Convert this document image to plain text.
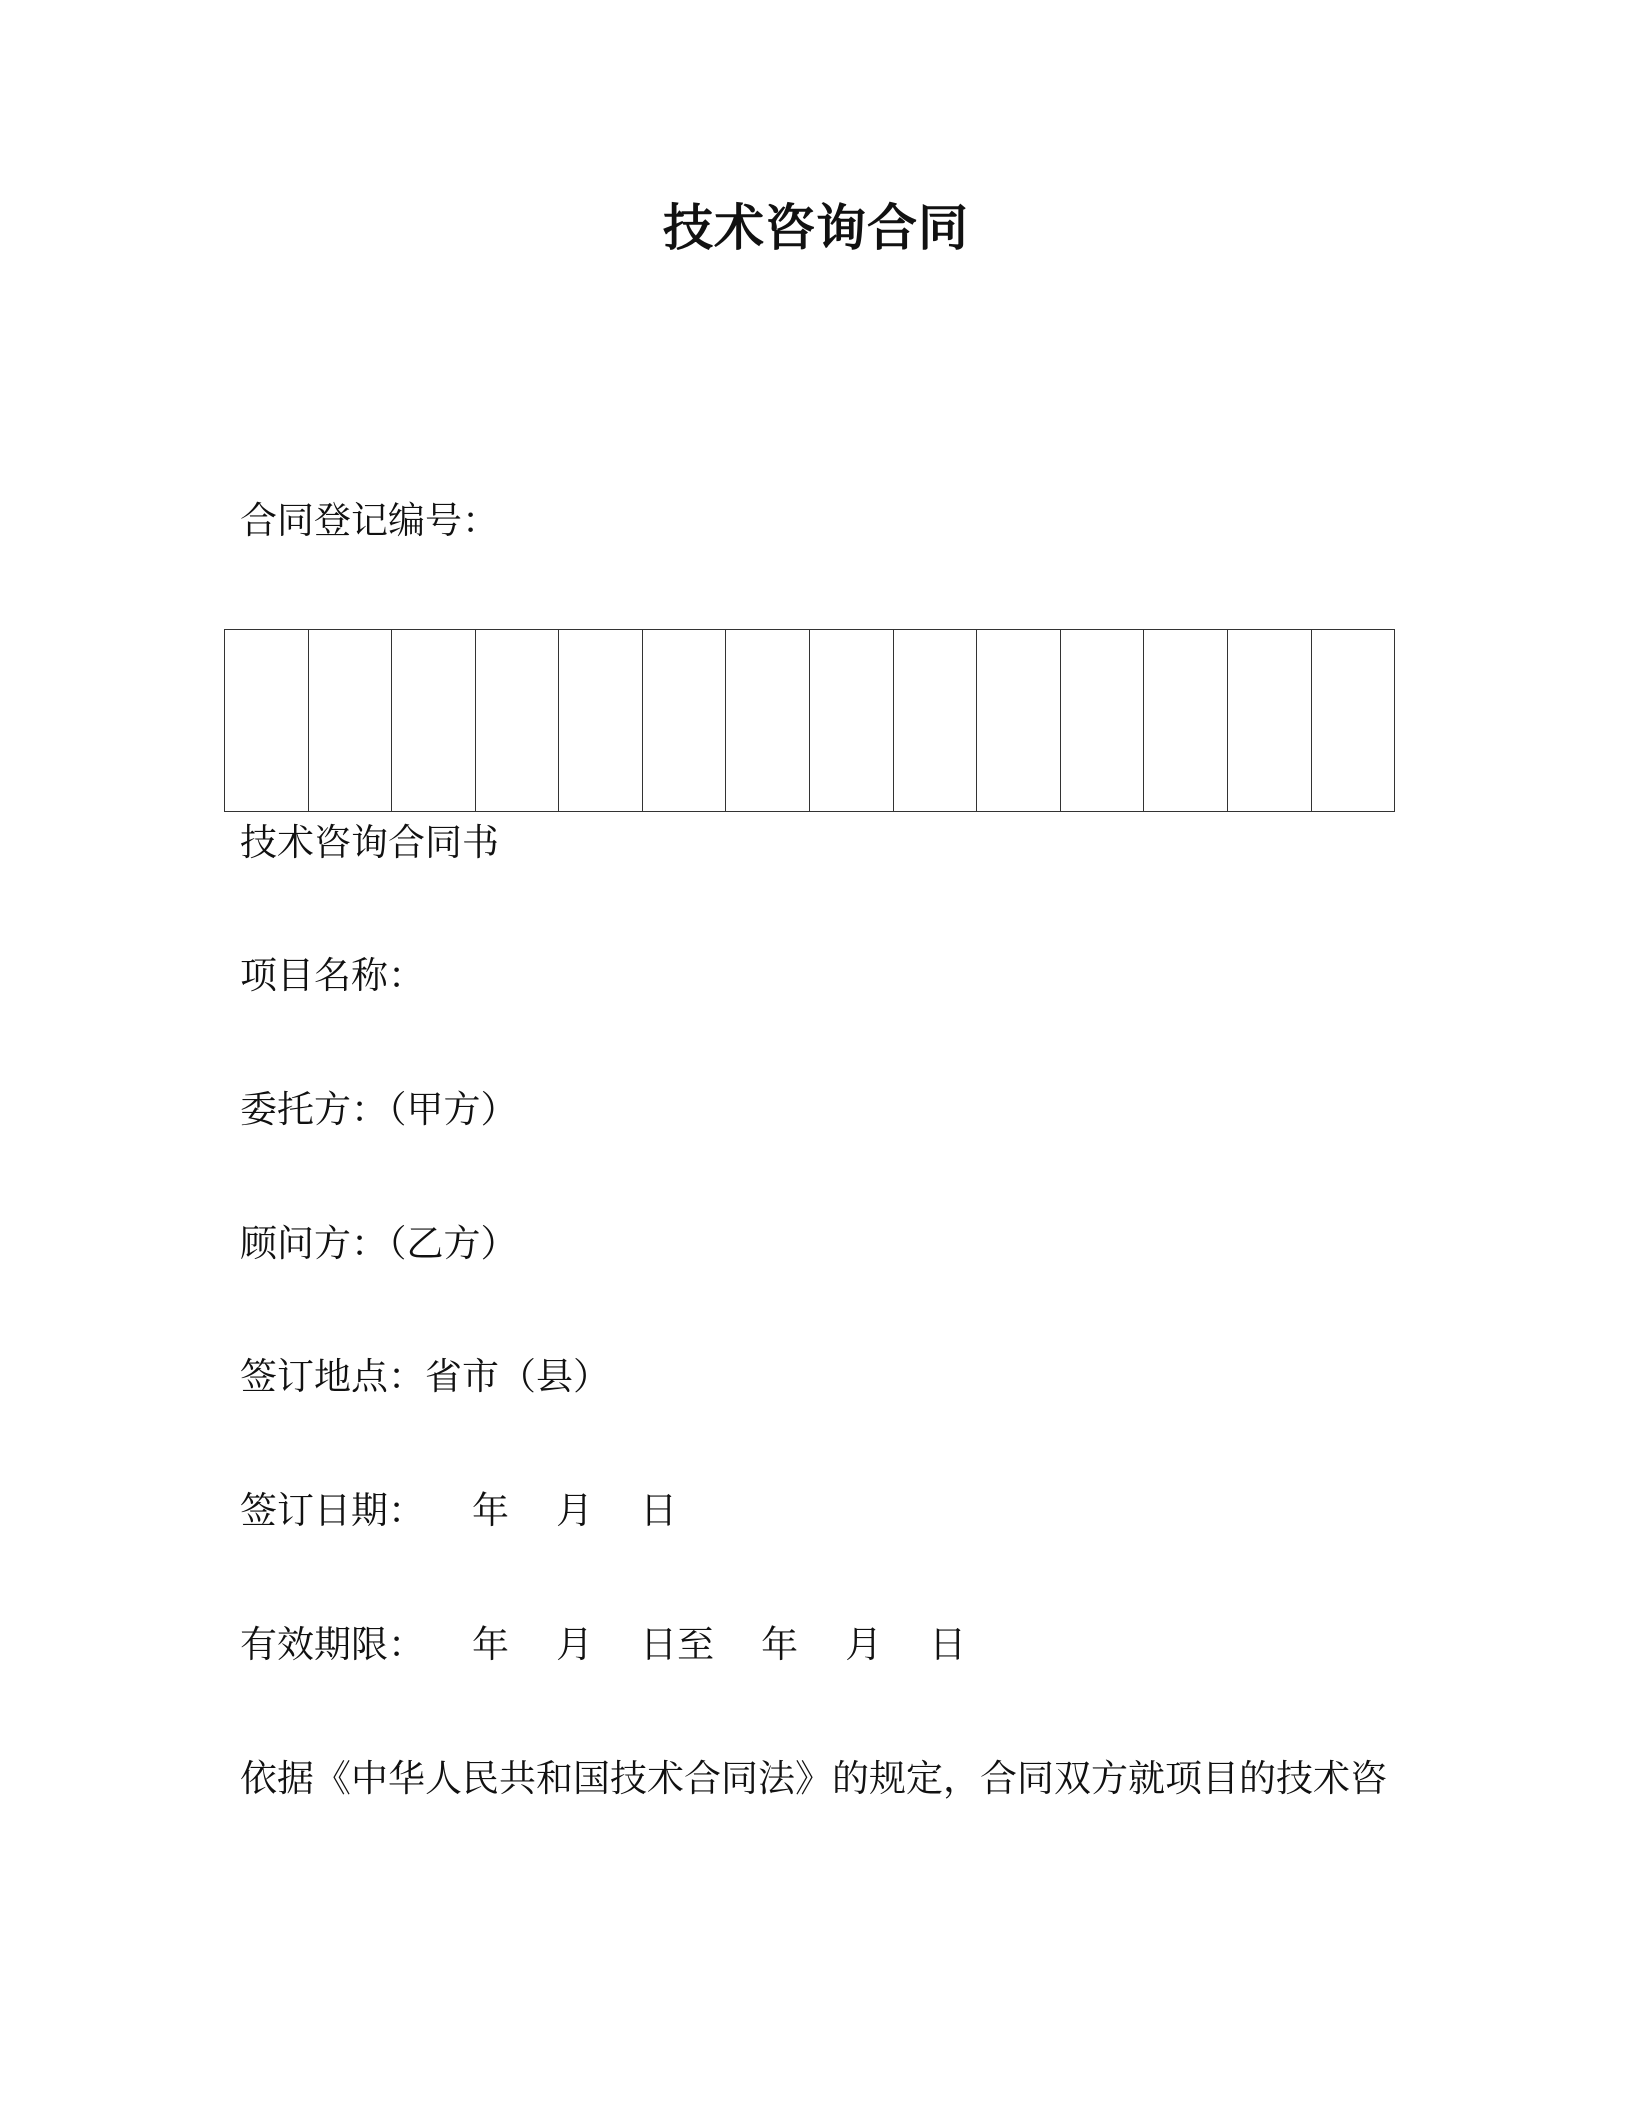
技术咨询合同
合同登记编号：
技术咨询合同书
项目名称：
委托方：（甲方）
顾问方：（乙方）
签订地点：省市（县）
签订日期：    年    月    日
有效期限：    年    月    日至    年    月    日
依据《中华人民共和国技术合同法》的规定，合同双方就项目的技术咨
